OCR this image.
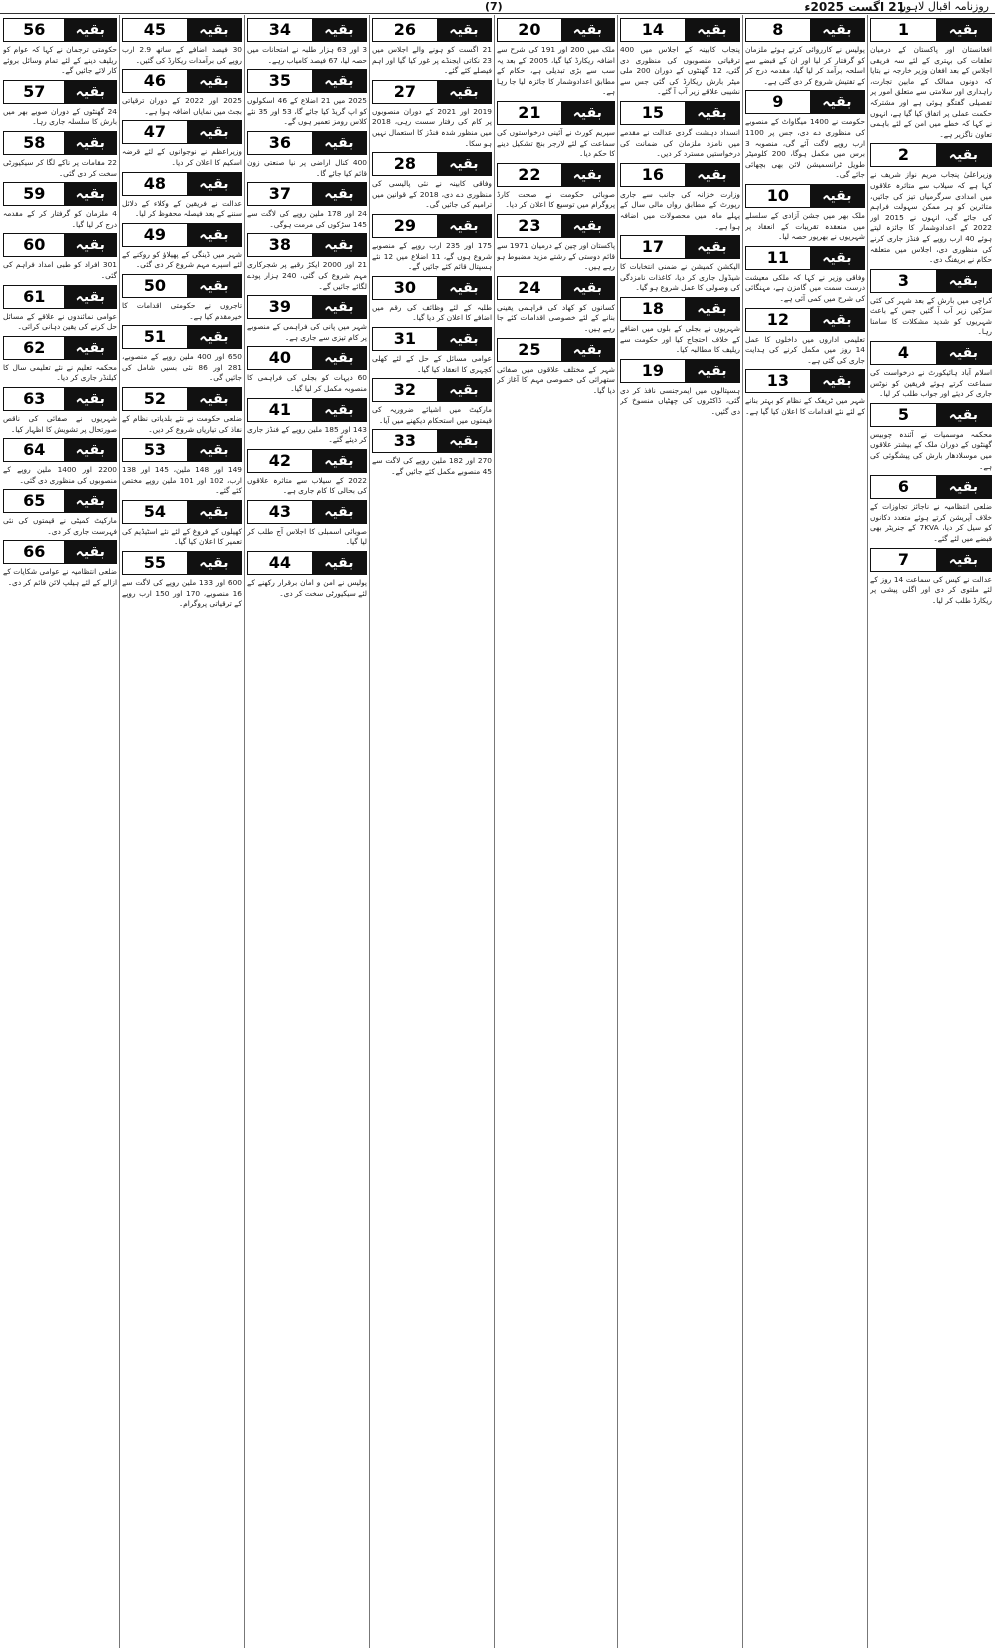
(7)	21 اگست 2025ء
روزنامہ اقبال لاہور
1	بقیہ
افغانستان اور پاکستان کے درمیان تعلقات کی بہتری کے لئے سہ فریقی اجلاس کے بعد افغان وزیر خارجہ نے بتایا کہ دونوں ممالک کے مابین تجارت، راہداری اور سلامتی سے متعلق امور پر تفصیلی گفتگو ہوئی ہے اور مشترکہ حکمت عملی پر اتفاق کیا گیا ہے، انہوں نے کہا کہ خطے میں امن کے لئے باہمی تعاون ناگزیر ہے۔
2	بقیہ
وزیراعلیٰ پنجاب مریم نواز شریف نے کہا ہے کہ سیلاب سے متاثرہ علاقوں میں امدادی سرگرمیاں تیز کی جائیں، متاثرین کو ہر ممکن سہولت فراہم کی جائے گی، انہوں نے 2015 اور 2022 کے اعدادوشمار کا جائزہ لیتے ہوئے 40 ارب روپے کے فنڈز جاری کرنے کی منظوری دی، اجلاس میں متعلقہ حکام نے بریفنگ دی۔
3	بقیہ
کراچی میں بارش کے بعد شہر کی کئی سڑکیں زیر آب آ گئیں جس کے باعث شہریوں کو شدید مشکلات کا سامنا رہا۔
4	بقیہ
اسلام آباد ہائیکورٹ نے درخواست کی سماعت کرتے ہوئے فریقین کو نوٹس جاری کر دیئے اور جواب طلب کر لیا۔
5	بقیہ
محکمہ موسمیات نے آئندہ چوبیس گھنٹوں کے دوران ملک کے بیشتر علاقوں میں موسلادھار بارش کی پیشگوئی کی ہے۔
6	بقیہ
ضلعی انتظامیہ نے ناجائز تجاوزات کے خلاف آپریشن کرتے ہوئے متعدد دکانوں کو سیل کر دیا، 7KVA کے جنریٹر بھی قبضے میں لئے گئے۔
7	بقیہ
عدالت نے کیس کی سماعت 14 روز کے لئے ملتوی کر دی اور اگلی پیشی پر ریکارڈ طلب کر لیا۔
8	بقیہ
پولیس نے کارروائی کرتے ہوئے ملزمان کو گرفتار کر لیا اور ان کے قبضے سے اسلحہ برآمد کر لیا گیا، مقدمہ درج کر کے تفتیش شروع کر دی گئی ہے۔
9	بقیہ
حکومت نے 1400 میگاواٹ کے منصوبے کی منظوری دے دی، جس پر 1100 ارب روپے لاگت آئے گی، منصوبہ 3 برس میں مکمل ہوگا، 200 کلومیٹر طویل ٹرانسمیشن لائن بھی بچھائی جائے گی۔
10	بقیہ
ملک بھر میں جشن آزادی کے سلسلے میں منعقدہ تقریبات کے انعقاد پر شہریوں نے بھرپور حصہ لیا۔
11	بقیہ
وفاقی وزیر نے کہا کہ ملکی معیشت درست سمت میں گامزن ہے، مہنگائی کی شرح میں کمی آئی ہے۔
12	بقیہ
تعلیمی اداروں میں داخلوں کا عمل 14 روز میں مکمل کرنے کی ہدایت جاری کی گئی ہے۔
13	بقیہ
شہر میں ٹریفک کے نظام کو بہتر بنانے کے لئے نئے اقدامات کا اعلان کیا گیا ہے۔
14	بقیہ
پنجاب کابینہ کے اجلاس میں 400 ترقیاتی منصوبوں کی منظوری دی گئی، 12 گھنٹوں کے دوران 200 ملی میٹر بارش ریکارڈ کی گئی جس سے نشیبی علاقے زیر آب آ گئے۔
15	بقیہ
انسداد دہشت گردی عدالت نے مقدمے میں نامزد ملزمان کی ضمانت کی درخواستیں مسترد کر دیں۔
16	بقیہ
وزارت خزانہ کی جانب سے جاری رپورٹ کے مطابق رواں مالی سال کے پہلے ماہ میں محصولات میں اضافہ ہوا ہے۔
17	بقیہ
الیکشن کمیشن نے ضمنی انتخابات کا شیڈول جاری کر دیا، کاغذات نامزدگی کی وصولی کا عمل شروع ہو گیا۔
18	بقیہ
شہریوں نے بجلی کے بلوں میں اضافے کے خلاف احتجاج کیا اور حکومت سے ریلیف کا مطالبہ کیا۔
19	بقیہ
ہسپتالوں میں ایمرجنسی نافذ کر دی گئی، ڈاکٹروں کی چھٹیاں منسوخ کر دی گئیں۔
20	بقیہ
ملک میں 200 اور 191 کی شرح سے اضافہ ریکارڈ کیا گیا، 2005 کے بعد یہ سب سے بڑی تبدیلی ہے، حکام کے مطابق اعدادوشمار کا جائزہ لیا جا رہا ہے۔
21	بقیہ
سپریم کورٹ نے آئینی درخواستوں کی سماعت کے لئے لارجر بنچ تشکیل دینے کا حکم دیا۔
22	بقیہ
صوبائی حکومت نے صحت کارڈ پروگرام میں توسیع کا اعلان کر دیا۔
23	بقیہ
پاکستان اور چین کے درمیان 1971 سے قائم دوستی کے رشتے مزید مضبوط ہو رہے ہیں۔
24	بقیہ
کسانوں کو کھاد کی فراہمی یقینی بنانے کے لئے خصوصی اقدامات کئے جا رہے ہیں۔
25	بقیہ
شہر کے مختلف علاقوں میں صفائی ستھرائی کی خصوصی مہم کا آغاز کر دیا گیا۔
26	بقیہ
21 اگست کو ہونے والے اجلاس میں 23 نکاتی ایجنڈے پر غور کیا گیا اور اہم فیصلے کئے گئے۔
27	بقیہ
2019 اور 2021 کے دوران منصوبوں پر کام کی رفتار سست رہی، 2018 میں منظور شدہ فنڈز کا استعمال نہیں ہو سکا۔
28	بقیہ
وفاقی کابینہ نے نئی پالیسی کی منظوری دے دی، 2018 کے قوانین میں ترامیم کی جائیں گی۔
29	بقیہ
175 اور 235 ارب روپے کے منصوبے شروع ہوں گے، 11 اضلاع میں 12 نئے ہسپتال قائم کئے جائیں گے۔
30	بقیہ
طلبہ کے لئے وظائف کی رقم میں اضافے کا اعلان کر دیا گیا۔
31	بقیہ
عوامی مسائل کے حل کے لئے کھلی کچہری کا انعقاد کیا گیا۔
32	بقیہ
مارکیٹ میں اشیائے ضروریہ کی قیمتوں میں استحکام دیکھنے میں آیا۔
33	بقیہ
270 اور 182 ملین روپے کی لاگت سے 45 منصوبے مکمل کئے جائیں گے۔
34	بقیہ
3 اور 63 ہزار طلبہ نے امتحانات میں حصہ لیا، 67 فیصد کامیاب رہے۔
35	بقیہ
2025 میں 21 اضلاع کے 46 اسکولوں کو اپ گریڈ کیا جائے گا، 53 اور 35 نئے کلاس رومز تعمیر ہوں گے۔
36	بقیہ
400 کنال اراضی پر نیا صنعتی زون قائم کیا جائے گا۔
37	بقیہ
24 اور 178 ملین روپے کی لاگت سے 145 سڑکوں کی مرمت ہوگی۔
38	بقیہ
21 اور 2000 ایکڑ رقبے پر شجرکاری مہم شروع کی گئی، 240 ہزار پودے لگائے جائیں گے۔
39	بقیہ
شہر میں پانی کی فراہمی کے منصوبے پر کام تیزی سے جاری ہے۔
40	بقیہ
60 دیہات کو بجلی کی فراہمی کا منصوبہ مکمل کر لیا گیا۔
41	بقیہ
143 اور 185 ملین روپے کے فنڈز جاری کر دیئے گئے۔
42	بقیہ
2022 کے سیلاب سے متاثرہ علاقوں کی بحالی کا کام جاری ہے۔
43	بقیہ
صوبائی اسمبلی کا اجلاس آج طلب کر لیا گیا۔
44	بقیہ
پولیس نے امن و امان برقرار رکھنے کے لئے سیکیورٹی سخت کر دی۔
45	بقیہ
30 فیصد اضافے کے ساتھ 2.9 ارب روپے کی برآمدات ریکارڈ کی گئیں۔
46	بقیہ
2025 اور 2022 کے دوران ترقیاتی بجٹ میں نمایاں اضافہ ہوا ہے۔
47	بقیہ
وزیراعظم نے نوجوانوں کے لئے قرضہ اسکیم کا اعلان کر دیا۔
48	بقیہ
عدالت نے فریقین کے وکلاء کے دلائل سننے کے بعد فیصلہ محفوظ کر لیا۔
49	بقیہ
شہر میں ڈینگی کے پھیلاؤ کو روکنے کے لئے اسپرے مہم شروع کر دی گئی۔
50	بقیہ
تاجروں نے حکومتی اقدامات کا خیرمقدم کیا ہے۔
51	بقیہ
650 اور 400 ملین روپے کے منصوبے، 281 اور 86 نئی بسیں شامل کی جائیں گی۔
52	بقیہ
ضلعی حکومت نے نئے بلدیاتی نظام کے نفاذ کی تیاریاں شروع کر دیں۔
53	بقیہ
149 اور 148 ملین، 145 اور 138 ارب، 102 اور 101 ملین روپے مختص کئے گئے۔
54	بقیہ
کھیلوں کے فروغ کے لئے نئے اسٹیڈیم کی تعمیر کا اعلان کیا گیا۔
55	بقیہ
600 اور 133 ملین روپے کی لاگت سے 16 منصوبے، 170 اور 150 ارب روپے کے ترقیاتی پروگرام۔
56	بقیہ
حکومتی ترجمان نے کہا کہ عوام کو ریلیف دینے کے لئے تمام وسائل بروئے کار لائے جائیں گے۔
57	بقیہ
24 گھنٹوں کے دوران صوبے بھر میں بارش کا سلسلہ جاری رہا۔
58	بقیہ
22 مقامات پر ناکے لگا کر سیکیورٹی سخت کر دی گئی۔
59	بقیہ
4 ملزمان کو گرفتار کر کے مقدمہ درج کر لیا گیا۔
60	بقیہ
301 افراد کو طبی امداد فراہم کی گئی۔
61	بقیہ
عوامی نمائندوں نے علاقے کے مسائل حل کرنے کی یقین دہانی کرائی۔
62	بقیہ
محکمہ تعلیم نے نئے تعلیمی سال کا کیلنڈر جاری کر دیا۔
63	بقیہ
شہریوں نے صفائی کی ناقص صورتحال پر تشویش کا اظہار کیا۔
64	بقیہ
2200 اور 1400 ملین روپے کے منصوبوں کی منظوری دی گئی۔
65	بقیہ
مارکیٹ کمیٹی نے قیمتوں کی نئی فہرست جاری کر دی۔
66	بقیہ
ضلعی انتظامیہ نے عوامی شکایات کے ازالے کے لئے ہیلپ لائن قائم کر دی۔
